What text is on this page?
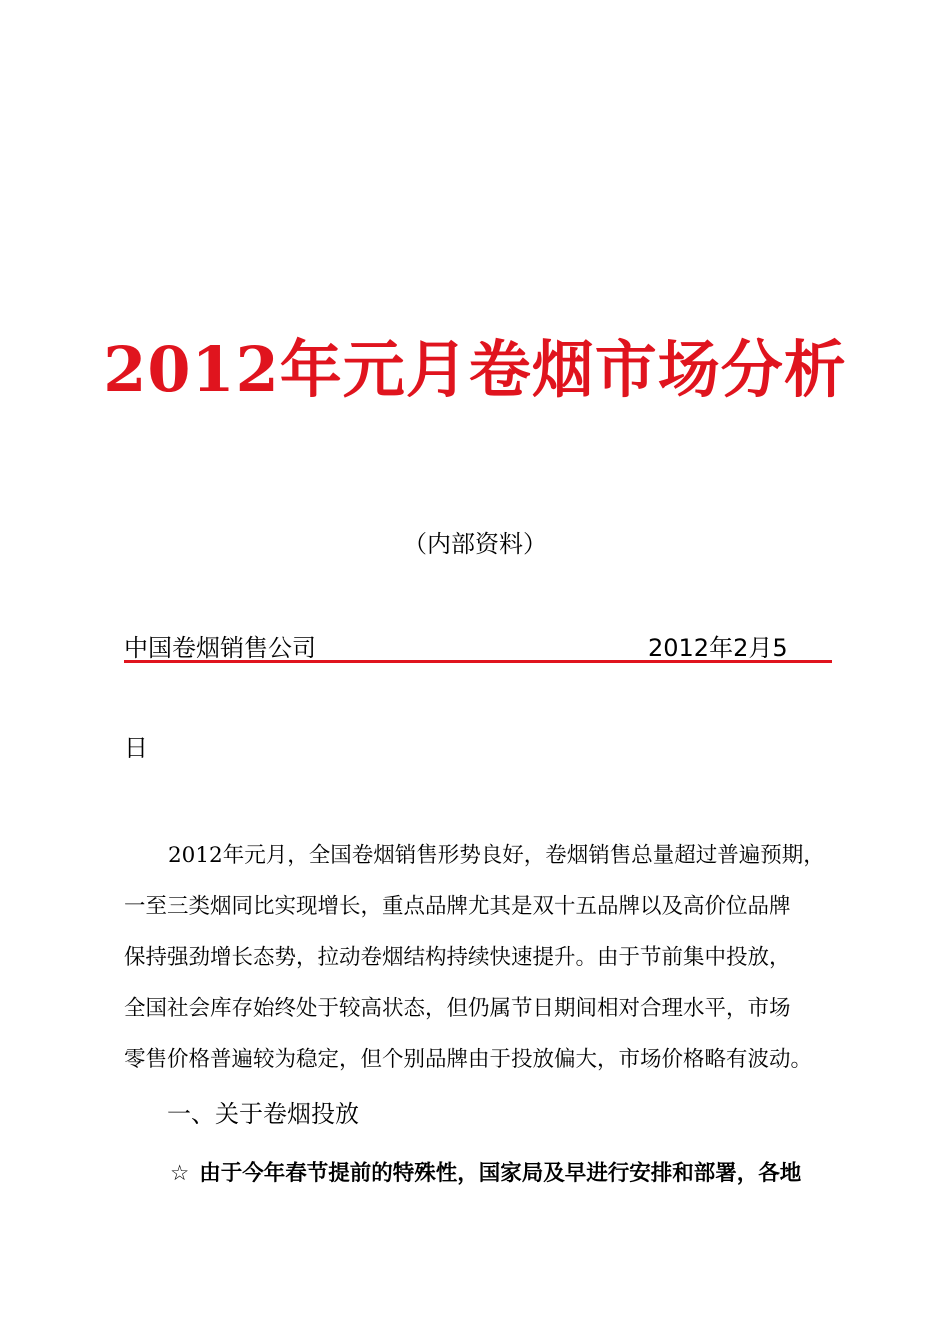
2012年元月卷烟市场分析
（内部资料）
中国卷烟销售公司	2012年2月5
日
2012年元月，全国卷烟销售形势良好，卷烟销售总量超过普遍预期，
一至三类烟同比实现增长，重点品牌尤其是双十五品牌以及高价位品牌
保持强劲增长态势，拉动卷烟结构持续快速提升。由于节前集中投放，
全国社会库存始终处于较高状态，但仍属节日期间相对合理水平，市场
零售价格普遍较为稳定，但个别品牌由于投放偏大，市场价格略有波动。
一、关于卷烟投放
☆ 由于今年春节提前的特殊性，国家局及早进行安排和部署，各地
